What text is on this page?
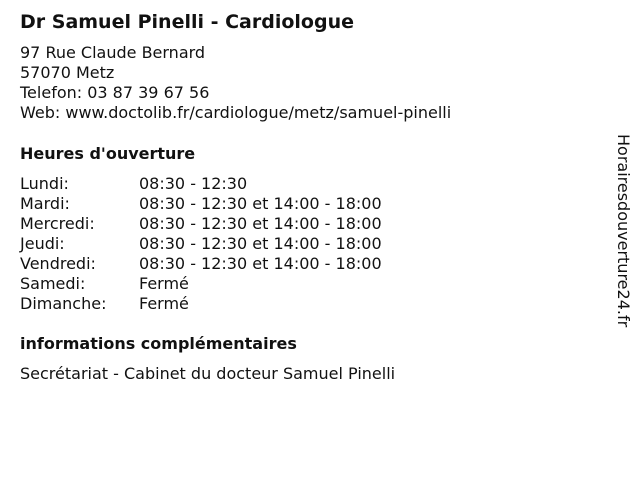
Dr Samuel Pinelli - Cardiologue
97 Rue Claude Bernard
57070 Metz
Telefon: 03 87 39 67 56
Web: www.doctolib.fr/cardiologue/metz/samuel-pinelli
Heures d'ouverture
Lundi:	08:30 - 12:30
Mardi:	08:30 - 12:30 et 14:00 - 18:00
Mercredi:	08:30 - 12:30 et 14:00 - 18:00
Jeudi:	08:30 - 12:30 et 14:00 - 18:00
Vendredi:	08:30 - 12:30 et 14:00 - 18:00
Samedi:	Fermé
Dimanche: Fermé
informations complémentaires
Secrétariat - Cabinet du docteur Samuel Pinelli
Horairesdouverture24.fr
